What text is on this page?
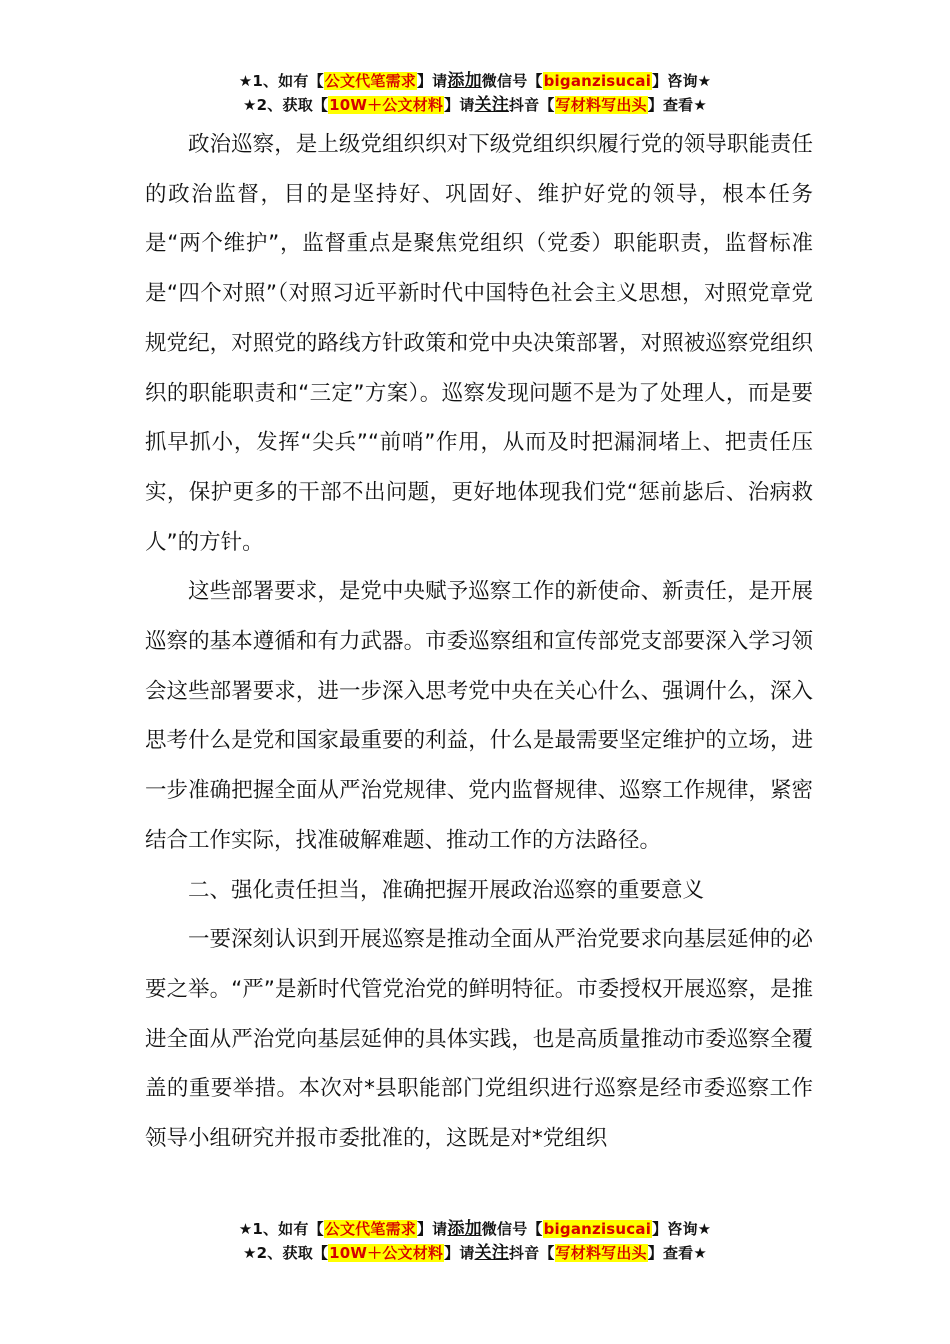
★1、如有【公文代笔需求】请添加微信号【biganzisucai】咨询★
★2、获取【10W＋公文材料】请关注抖音【写材料写出头】查看★

政治巡察，是上级党组织织对下级党组织织履行党的领导职能责任的政治监督，目的是坚持好、巩固好、维护好党的领导，根本任务是“两个维护”，监督重点是聚焦党组织（党委）职能职责，监督标准是“四个对照”（对照习近平新时代中国特色社会主义思想，对照党章党规党纪，对照党的路线方针政策和党中央决策部署，对照被巡察党组织织的职能职责和“三定”方案）。巡察发现问题不是为了处理人，而是要抓早抓小，发挥“尖兵”“前哨”作用，从而及时把漏洞堵上、把责任压实，保护更多的干部不出问题，更好地体现我们党“惩前毖后、治病救人”的方针。

这些部署要求，是党中央赋予巡察工作的新使命、新责任，是开展巡察的基本遵循和有力武器。市委巡察组和宣传部党支部要深入学习领会这些部署要求，进一步深入思考党中央在关心什么、强调什么，深入思考什么是党和国家最重要的利益，什么是最需要坚定维护的立场，进一步准确把握全面从严治党规律、党内监督规律、巡察工作规律，紧密结合工作实际，找准破解难题、推动工作的方法路径。

二、强化责任担当，准确把握开展政治巡察的重要意义

一要深刻认识到开展巡察是推动全面从严治党要求向基层延伸的必要之举。“严”是新时代管党治党的鲜明特征。市委授权开展巡察，是推进全面从严治党向基层延伸的具体实践，也是高质量推动市委巡察全覆盖的重要举措。本次对*县职能部门党组织进行巡察是经市委巡察工作领导小组研究并报市委批准的，这既是对*党组织

★1、如有【公文代笔需求】请添加微信号【biganzisucai】咨询★
★2、获取【10W＋公文材料】请关注抖音【写材料写出头】查看★
